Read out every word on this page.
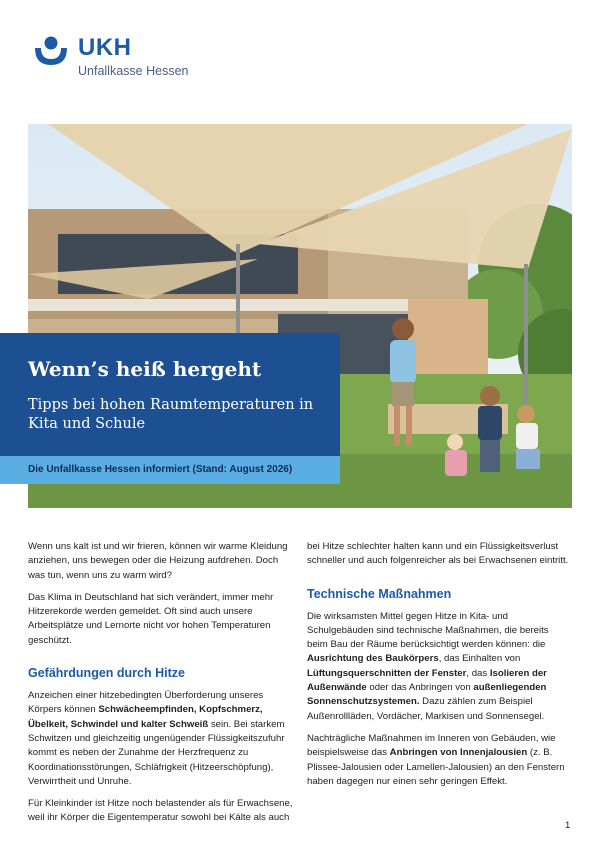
UKH
Unfallkasse Hessen
Wenn’s heiß hergeht
Tipps bei hohen Raumtemperaturen in Kita und Schule
Die Unfallkasse Hessen informiert (Stand: August 2026)

Wenn uns kalt ist und wir frieren, können wir warme Kleidung anziehen, uns bewegen oder die Heizung aufdrehen. Doch was tun, wenn uns zu warm wird?

Das Klima in Deutschland hat sich verändert, immer mehr Hitzerekorde werden gemeldet. Oft sind auch unsere Arbeitsplätze und Lernorte nicht vor hohen Temperaturen geschützt.

Gefährdungen durch Hitze

Anzeichen einer hitzebedingten Überforderung unseres Körpers können Schwächeempfinden, Kopfschmerz, Übelkeit, Schwindel und kalter Schweiß sein. Bei starkem Schwitzen und gleichzeitig ungenügender Flüssigkeitszufuhr kommt es neben der Zunahme der Herzfrequenz zu Koordinationsstörungen, Schläfrigkeit (Hitzeerschöpfung), Verwirrtheit und Unruhe.

Für Kleinkinder ist Hitze noch belastender als für Erwachsene, weil ihr Körper die Eigentemperatur sowohl bei Kälte als auch

bei Hitze schlechter halten kann und ein Flüssigkeitsverlust schneller und auch folgenreicher als bei Erwachsenen eintritt.

Technische Maßnahmen

Die wirksamsten Mittel gegen Hitze in Kita- und Schulgebäuden sind technische Maßnahmen, die bereits beim Bau der Räume berücksichtigt werden können: die Ausrichtung des Baukörpers, das Einhalten von Lüftungsquerschnitten der Fenster, das Isolieren der Außenwände oder das Anbringen von außenliegenden Sonnenschutzsystemen. Dazu zählen zum Beispiel Außenrollläden, Vordächer, Markisen und Sonnensegel.

Nachträgliche Maßnahmen im Inneren von Gebäuden, wie beispielsweise das Anbringen von Innenjalousien (z. B. Plissee-Jalousien oder Lamellen-Jalousien) an den Fenstern haben dagegen nur einen sehr geringen Effekt.

1
